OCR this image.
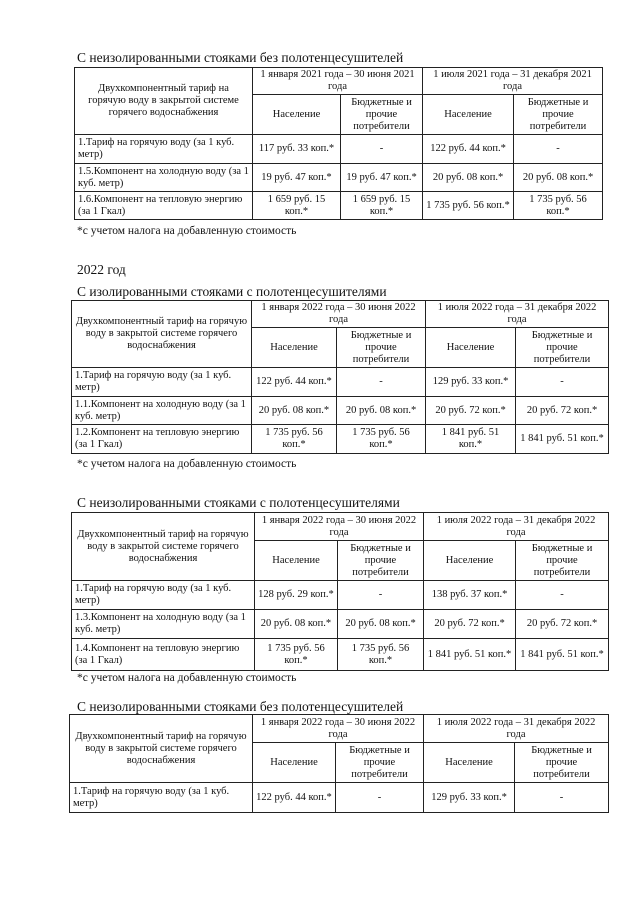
С неизолированными стояками без полотенцесушителей
Двухкомпонентный тариф на горячую воду в закрытой системе горячего водоснабжения	1 января 2021 года – 30 июня 2021 года		1 июля 2021 года – 31 декабря 2021 года	
	Население	Бюджетные и прочие потребители	Население	Бюджетные и прочие потребители
1.Тариф на горячую воду (за 1 куб. метр)	117 руб. 33 коп.*	-	122 руб. 44 коп.*	-
1.5.Компонент на холодную воду (за 1 куб. метр)	19 руб. 47 коп.*	19 руб. 47 коп.*	20 руб. 08 коп.*	20 руб. 08 коп.*
1.6.Компонент на тепловую энергию (за 1 Гкал)	1 659 руб. 15 коп.*	1 659 руб. 15 коп.*	1 735 руб. 56 коп.*	1 735 руб. 56 коп.*
*с учетом налога на добавленную стоимость
2022 год
С изолированными стояками с полотенцесушителями
Двухкомпонентный тариф на горячую воду в закрытой системе горячего водоснабжения	1 января 2022 года – 30 июня 2022 года		1 июля 2022 года – 31 декабря 2022 года	
	Население	Бюджетные и прочие потребители	Население	Бюджетные и прочие потребители
1.Тариф на горячую воду (за 1 куб. метр)	122 руб. 44 коп.*	-	129 руб. 33 коп.*	-
1.1.Компонент на холодную воду (за 1 куб. метр)	20 руб. 08 коп.*	20 руб. 08 коп.*	20 руб. 72 коп.*	20 руб. 72 коп.*
1.2.Компонент на тепловую энергию (за 1 Гкал)	1 735 руб. 56 коп.*	1 735 руб. 56 коп.*	1 841 руб. 51 коп.*	1 841 руб. 51 коп.*
*с учетом налога на добавленную стоимость
С неизолированными стояками с полотенцесушителями
Двухкомпонентный тариф на горячую воду в закрытой системе горячего водоснабжения	1 января 2022 года – 30 июня 2022 года		1 июля 2022 года – 31 декабря 2022 года	
	Население	Бюджетные и прочие потребители	Население	Бюджетные и прочие потребители
1.Тариф на горячую воду (за 1 куб. метр)	128 руб. 29 коп.*	-	138 руб. 37 коп.*	-
1.3.Компонент на холодную воду (за 1 куб. метр)	20 руб. 08 коп.*	20 руб. 08 коп.*	20 руб. 72 коп.*	20 руб. 72 коп.*
1.4.Компонент на тепловую энергию (за 1 Гкал)	1 735 руб. 56 коп.*	1 735 руб. 56 коп.*	1 841 руб. 51 коп.*	1 841 руб. 51 коп.*
*с учетом налога на добавленную стоимость
С неизолированными стояками без полотенцесушителей
Двухкомпонентный тариф на горячую воду в закрытой системе горячего водоснабжения	1 января 2022 года – 30 июня 2022 года		1 июля 2022 года – 31 декабря 2022 года	
	Население	Бюджетные и прочие потребители	Население	Бюджетные и прочие потребители
1.Тариф на горячую воду (за 1 куб. метр)	122 руб. 44 коп.*	-	129 руб. 33 коп.*	-
